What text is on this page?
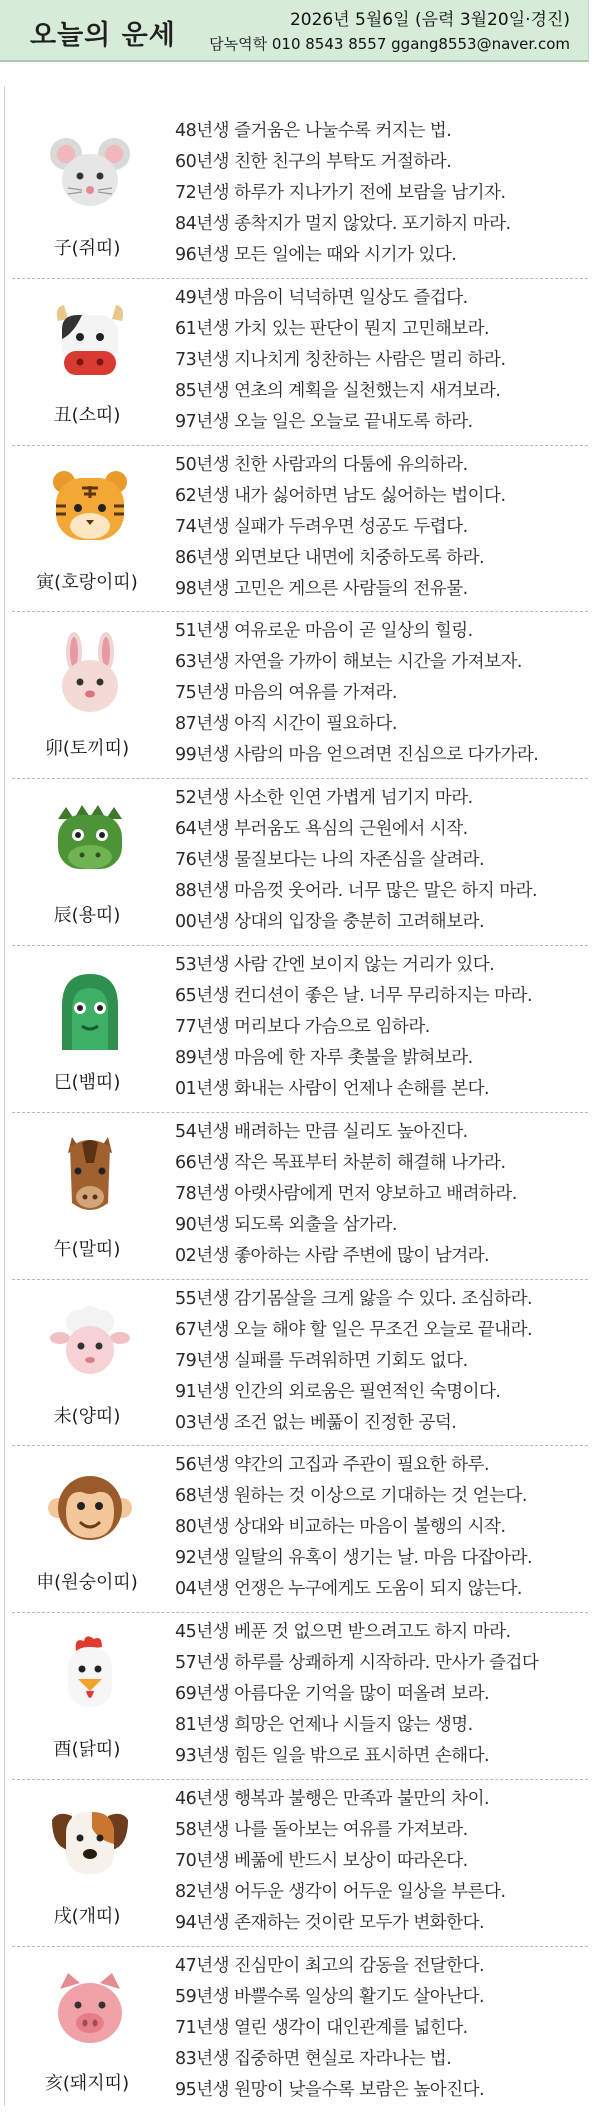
오늘의 운세	2026년 5월6일 (음력 3월20일·경진)
담녹역학 010 8543 8557 ggang8553@naver.com
子(쥐띠)
48년생 즐거움은 나눌수록 커지는 법.
60년생 친한 친구의 부탁도 거절하라.
72년생 하루가 지나가기 전에 보람을 남기자.
84년생 종착지가 멀지 않았다. 포기하지 마라.
96년생 모든 일에는 때와 시기가 있다.
丑(소띠)
49년생 마음이 넉넉하면 일상도 즐겁다.
61년생 가치 있는 판단이 뭔지 고민해보라.
73년생 지나치게 칭찬하는 사람은 멀리 하라.
85년생 연초의 계획을 실천했는지 새겨보라.
97년생 오늘 일은 오늘로 끝내도록 하라.
寅(호랑이띠)
50년생 친한 사람과의 다툼에 유의하라.
62년생 내가 싫어하면 남도 싫어하는 법이다.
74년생 실패가 두려우면 성공도 두렵다.
86년생 외면보단 내면에 치중하도록 하라.
98년생 고민은 게으른 사람들의 전유물.
卯(토끼띠)
51년생 여유로운 마음이 곧 일상의 힐링.
63년생 자연을 가까이 해보는 시간을 가져보자.
75년생 마음의 여유를 가져라.
87년생 아직 시간이 필요하다.
99년생 사람의 마음 얻으려면 진심으로 다가가라.
辰(용띠)
52년생 사소한 인연 가볍게 넘기지 마라.
64년생 부러움도 욕심의 근원에서 시작.
76년생 물질보다는 나의 자존심을 살려라.
88년생 마음껏 웃어라. 너무 많은 말은 하지 마라.
00년생 상대의 입장을 충분히 고려해보라.
巳(뱀띠)
53년생 사람 간엔 보이지 않는 거리가 있다.
65년생 컨디션이 좋은 날. 너무 무리하지는 마라.
77년생 머리보다 가슴으로 임하라.
89년생 마음에 한 자루 촛불을 밝혀보라.
01년생 화내는 사람이 언제나 손해를 본다.
午(말띠)
54년생 배려하는 만큼 실리도 높아진다.
66년생 작은 목표부터 차분히 해결해 나가라.
78년생 아랫사람에게 먼저 양보하고 배려하라.
90년생 되도록 외출을 삼가라.
02년생 좋아하는 사람 주변에 많이 남겨라.
未(양띠)
55년생 감기몸살을 크게 앓을 수 있다. 조심하라.
67년생 오늘 해야 할 일은 무조건 오늘로 끝내라.
79년생 실패를 두려워하면 기회도 없다.
91년생 인간의 외로움은 필연적인 숙명이다.
03년생 조건 없는 베풂이 진정한 공덕.
申(원숭이띠)
56년생 약간의 고집과 주관이 필요한 하루.
68년생 원하는 것 이상으로 기대하는 것 얻는다.
80년생 상대와 비교하는 마음이 불행의 시작.
92년생 일탈의 유혹이 생기는 날. 마음 다잡아라.
04년생 언쟁은 누구에게도 도움이 되지 않는다.
酉(닭띠)
45년생 베푼 것 없으면 받으려고도 하지 마라.
57년생 하루를 상쾌하게 시작하라. 만사가 즐겁다
69년생 아름다운 기억을 많이 떠올려 보라.
81년생 희망은 언제나 시들지 않는 생명.
93년생 힘든 일을 밖으로 표시하면 손해다.
戌(개띠)
46년생 행복과 불행은 만족과 불만의 차이.
58년생 나를 돌아보는 여유를 가져보라.
70년생 베풂에 반드시 보상이 따라온다.
82년생 어두운 생각이 어두운 일상을 부른다.
94년생 존재하는 것이란 모두가 변화한다.
亥(돼지띠)
47년생 진심만이 최고의 감동을 전달한다.
59년생 바쁠수록 일상의 활기도 살아난다.
71년생 열린 생각이 대인관계를 넓힌다.
83년생 집중하면 현실로 자라나는 법.
95년생 원망이 낮을수록 보람은 높아진다.
